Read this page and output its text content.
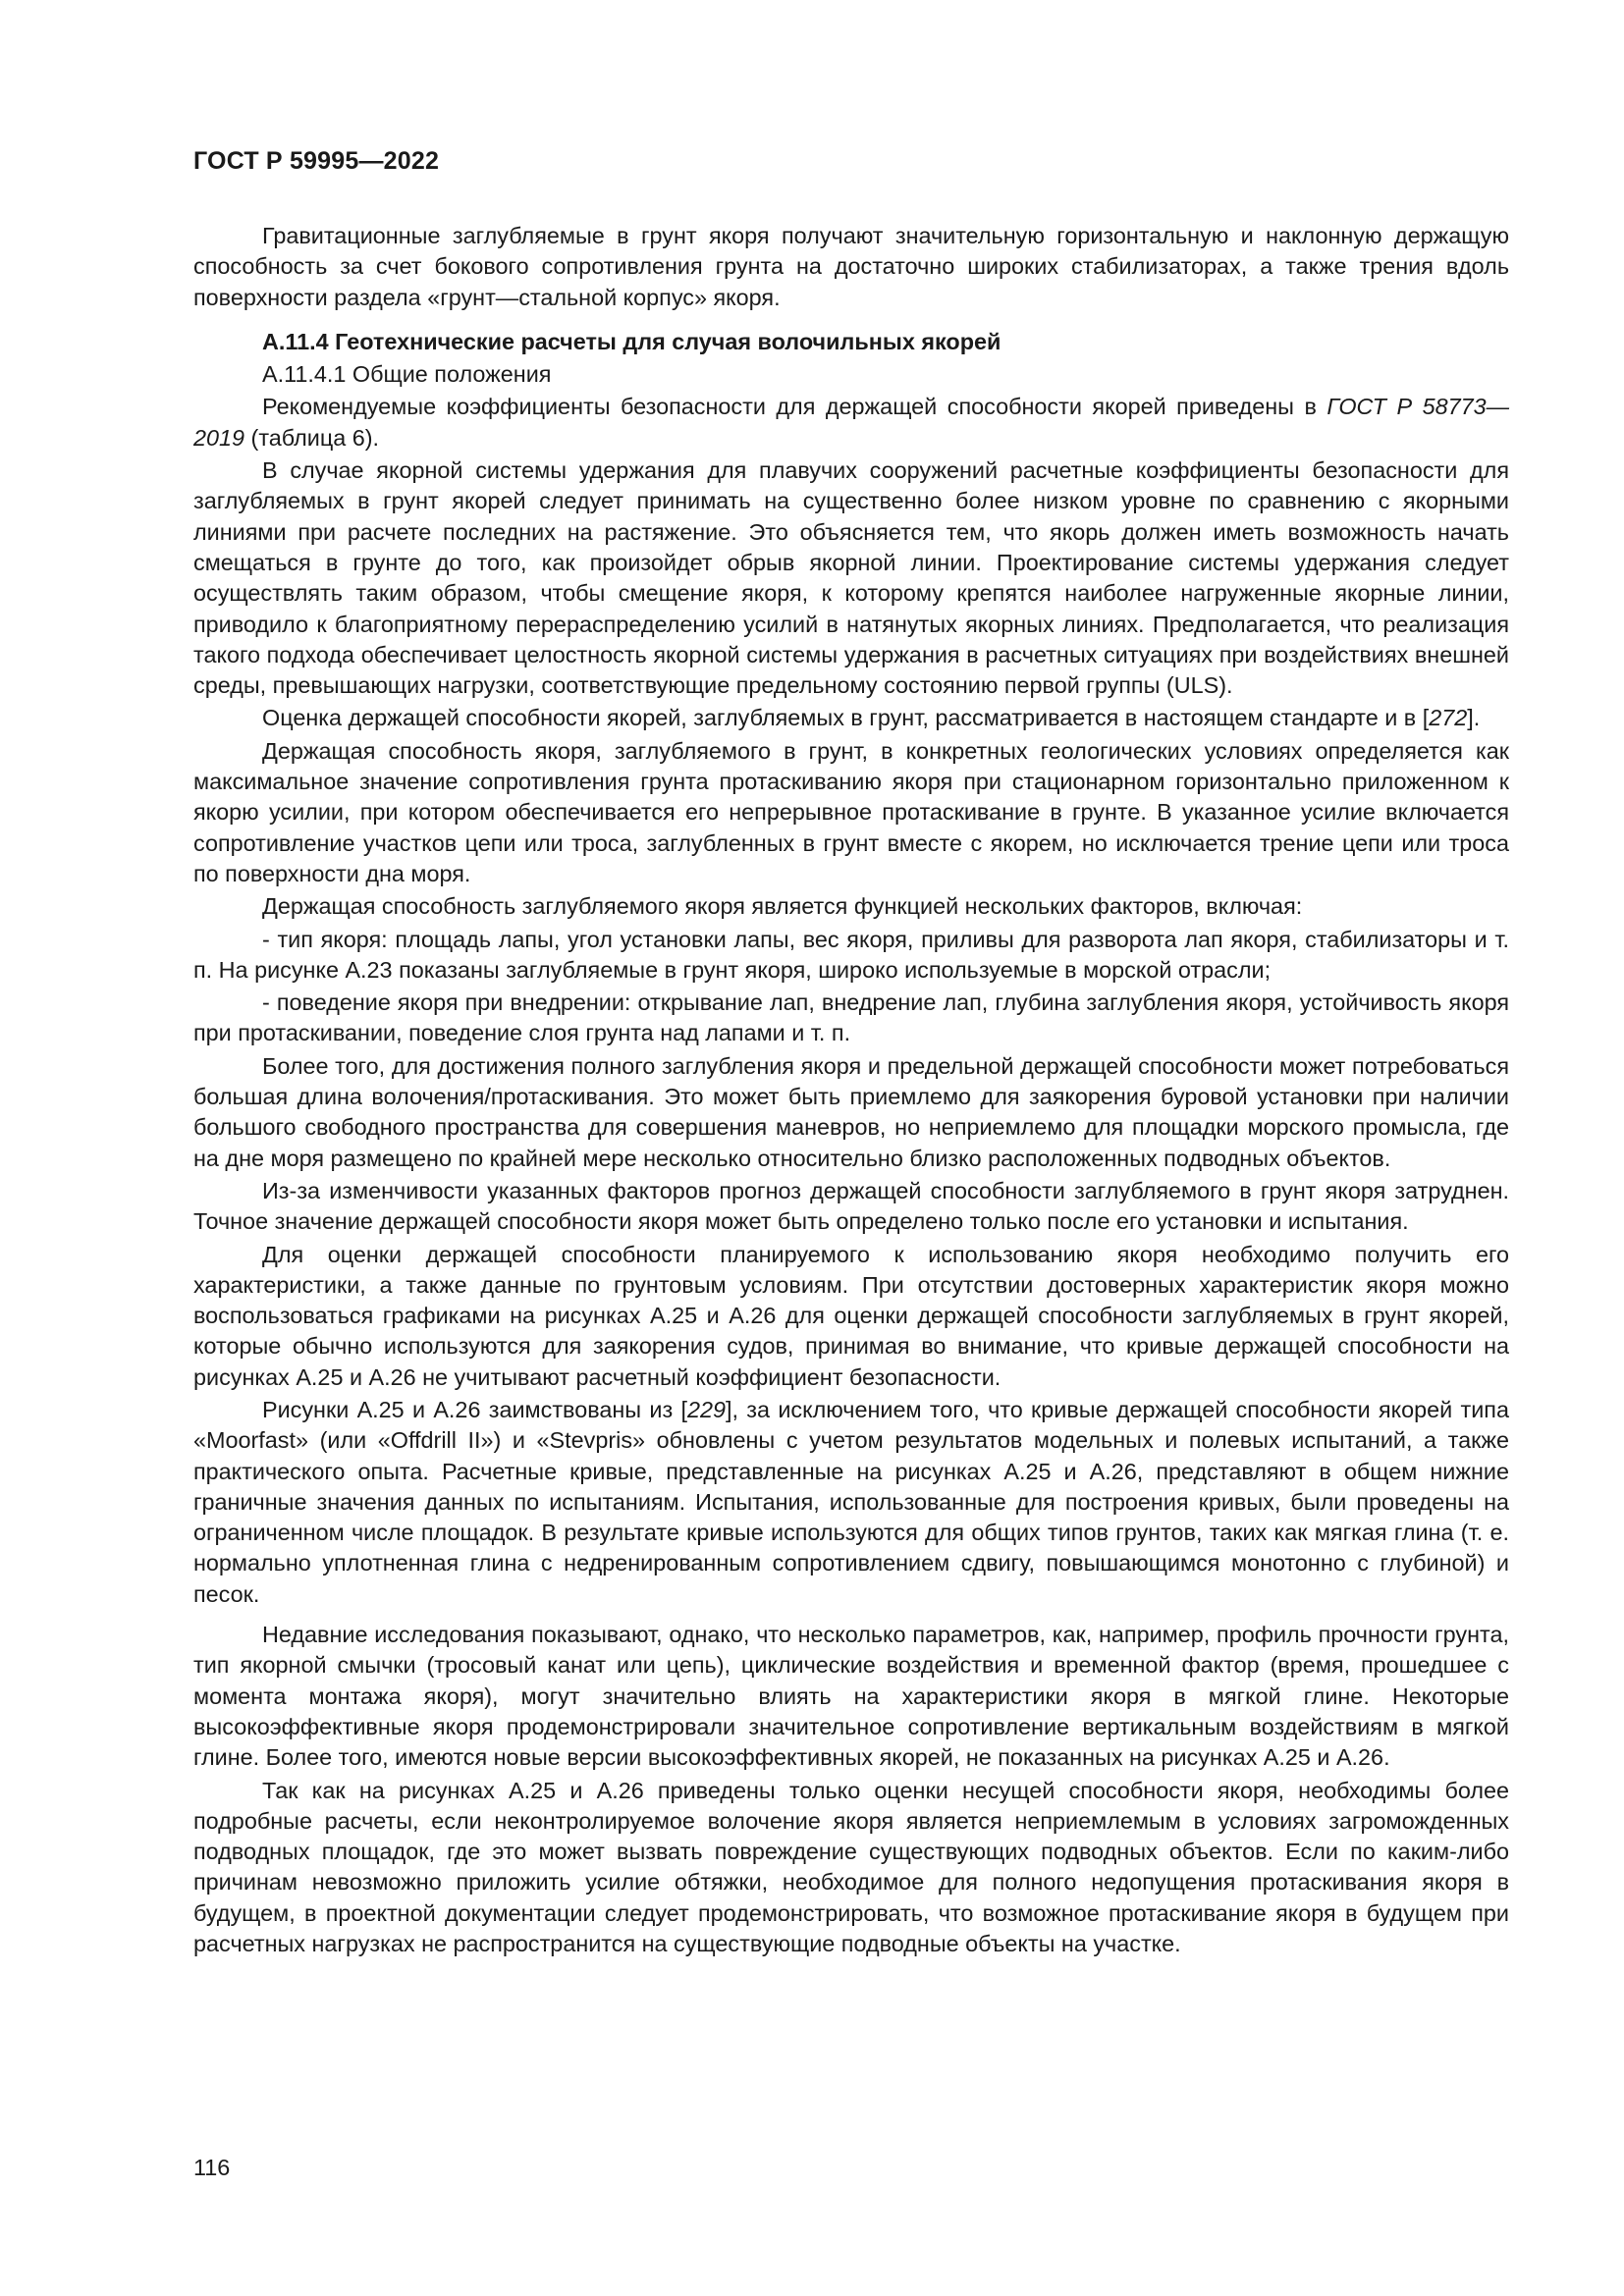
ГОСТ Р 59995—2022

Гравитационные заглубляемые в грунт якоря получают значительную горизонтальную и наклонную держащую способность за счет бокового сопротивления грунта на достаточно широких стабилизаторах, а также трения вдоль поверхности раздела «грунт—стальной корпус» якоря.

А.11.4 Геотехнические расчеты для случая волочильных якорей

А.11.4.1 Общие положения

Рекомендуемые коэффициенты безопасности для держащей способности якорей приведены в ГОСТ Р 58773—2019 (таблица 6).

В случае якорной системы удержания для плавучих сооружений расчетные коэффициенты безопасности для заглубляемых в грунт якорей следует принимать на существенно более низком уровне по сравнению с якорными линиями при расчете последних на растяжение. Это объясняется тем, что якорь должен иметь возможность начать смещаться в грунте до того, как произойдет обрыв якорной линии. Проектирование системы удержания следует осуществлять таким образом, чтобы смещение якоря, к которому крепятся наиболее нагруженные якорные линии, приводило к благоприятному перераспределению усилий в натянутых якорных линиях. Предполагается, что реализация такого подхода обеспечивает целостность якорной системы удержания в расчетных ситуациях при воздействиях внешней среды, превышающих нагрузки, соответствующие предельному состоянию первой группы (ULS).

Оценка держащей способности якорей, заглубляемых в грунт, рассматривается в настоящем стандарте и в [272].

Держащая способность якоря, заглубляемого в грунт, в конкретных геологических условиях определяется как максимальное значение сопротивления грунта протаскиванию якоря при стационарном горизонтально приложенном к якорю усилии, при котором обеспечивается его непрерывное протаскивание в грунте. В указанное усилие включается сопротивление участков цепи или троса, заглубленных в грунт вместе с якорем, но исключается трение цепи или троса по поверхности дна моря.

Держащая способность заглубляемого якоря является функцией нескольких факторов, включая:

- тип якоря: площадь лапы, угол установки лапы, вес якоря, приливы для разворота лап якоря, стабилизаторы и т. п. На рисунке А.23 показаны заглубляемые в грунт якоря, широко используемые в морской отрасли;

- поведение якоря при внедрении: открывание лап, внедрение лап, глубина заглубления якоря, устойчивость якоря при протаскивании, поведение слоя грунта над лапами и т. п.

Более того, для достижения полного заглубления якоря и предельной держащей способности может потребоваться большая длина волочения/протаскивания. Это может быть приемлемо для заякорения буровой установки при наличии большого свободного пространства для совершения маневров, но неприемлемо для площадки морского промысла, где на дне моря размещено по крайней мере несколько относительно близко расположенных подводных объектов.

Из-за изменчивости указанных факторов прогноз держащей способности заглубляемого в грунт якоря затруднен. Точное значение держащей способности якоря может быть определено только после его установки и испытания.

Для оценки держащей способности планируемого к использованию якоря необходимо получить его характеристики, а также данные по грунтовым условиям. При отсутствии достоверных характеристик якоря можно воспользоваться графиками на рисунках А.25 и А.26 для оценки держащей способности заглубляемых в грунт якорей, которые обычно используются для заякорения судов, принимая во внимание, что кривые держащей способности на рисунках А.25 и А.26 не учитывают расчетный коэффициент безопасности.

Рисунки А.25 и А.26 заимствованы из [229], за исключением того, что кривые держащей способности якорей типа «Moorfast» (или «Offdrill II») и «Stevpris» обновлены с учетом результатов модельных и полевых испытаний, а также практического опыта. Расчетные кривые, представленные на рисунках А.25 и А.26, представляют в общем нижние граничные значения данных по испытаниям. Испытания, использованные для построения кривых, были проведены на ограниченном числе площадок. В результате кривые используются для общих типов грунтов, таких как мягкая глина (т. е. нормально уплотненная глина с недренированным сопротивлением сдвигу, повышающимся монотонно с глубиной) и песок.

Недавние исследования показывают, однако, что несколько параметров, как, например, профиль прочности грунта, тип якорной смычки (тросовый канат или цепь), циклические воздействия и временной фактор (время, прошедшее с момента монтажа якоря), могут значительно влиять на характеристики якоря в мягкой глине. Некоторые высокоэффективные якоря продемонстрировали значительное сопротивление вертикальным воздействиям в мягкой глине. Более того, имеются новые версии высокоэффективных якорей, не показанных на рисунках А.25 и А.26.

Так как на рисунках А.25 и А.26 приведены только оценки несущей способности якоря, необходимы более подробные расчеты, если неконтролируемое волочение якоря является неприемлемым в условиях загроможденных подводных площадок, где это может вызвать повреждение существующих подводных объектов. Если по каким-либо причинам невозможно приложить усилие обтяжки, необходимое для полного недопущения протаскивания якоря в будущем, в проектной документации следует продемонстрировать, что возможное протаскивание якоря в будущем при расчетных нагрузках не распространится на существующие подводные объекты на участке.

116
